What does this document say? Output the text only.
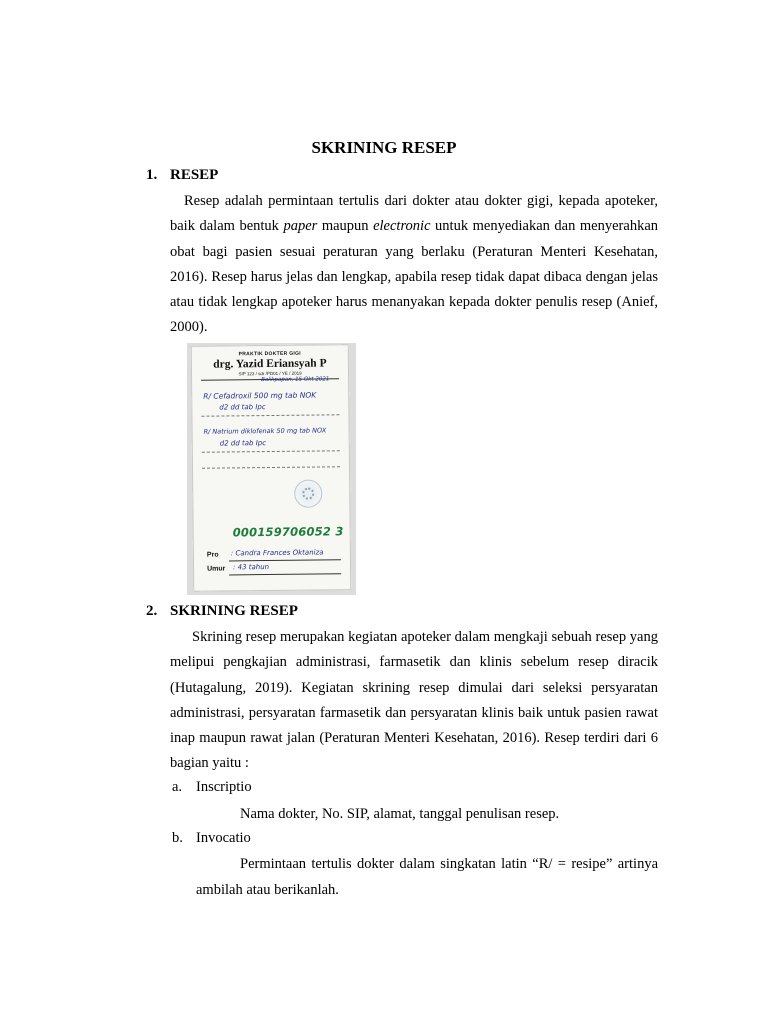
SKRINING RESEP
1. RESEP
Resep adalah permintaan tertulis dari dokter atau dokter gigi, kepada apoteker, baik dalam bentuk paper maupun electronic untuk menyediakan dan menyerahkan obat bagi pasien sesuai peraturan yang berlaku (Peraturan Menteri Kesehatan, 2016). Resep harus jelas dan lengkap, apabila resep tidak dapat dibaca dengan jelas atau tidak lengkap apoteker harus menanyakan kepada dokter penulis resep (Anief, 2000).
PRAKTIK DOKTER GIGI
drg. Yazid Eriansyah P
SIP 123 / sdr /PD01 / YE / 2019
Balikpapan, 15 Okt 2021
R/ Cefadroxil 500 mg tab NOK
d2 dd tab Ipc
R/ Natrium diklofenak 50 mg tab NOX
d2 dd tab Ipc
000159706052 3
Pro : Candra Frances Oktaniza
Umur : 43 tahun
2. SKRINING RESEP
Skrining resep merupakan kegiatan apoteker dalam mengkaji sebuah resep yang melipui pengkajian administrasi, farmasetik dan klinis sebelum resep diracik (Hutagalung, 2019). Kegiatan skrining resep dimulai dari seleksi persyaratan administrasi, persyaratan farmasetik dan persyaratan klinis baik untuk pasien rawat inap maupun rawat jalan (Peraturan Menteri Kesehatan, 2016). Resep terdiri dari 6 bagian yaitu :
a. Inscriptio
Nama dokter, No. SIP, alamat, tanggal penulisan resep.
b. Invocatio
Permintaan tertulis dokter dalam singkatan latin “R/ = resipe” artinya ambilah atau berikanlah.
